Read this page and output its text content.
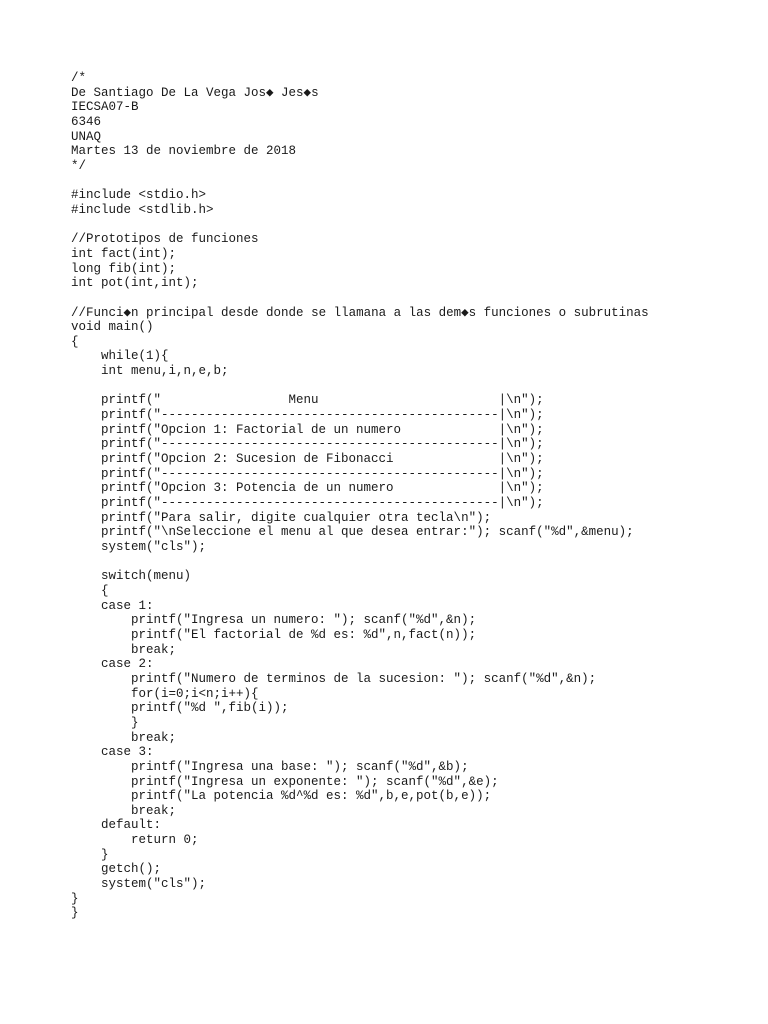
/*
De Santiago De La Vega Jos◆ Jes◆s
IECSA07-B
6346
UNAQ
Martes 13 de noviembre de 2018
*/
#include <stdio.h>
#include <stdlib.h>
//Prototipos de funciones
int fact(int);
long fib(int);
int pot(int,int);
//Funci◆n principal desde donde se llamana a las dem◆s funciones o subrutinas
void main()
{
while(1){
int menu,i,n,e,b;
printf("                 Menu                        |\n");
printf("---------------------------------------------|\n");
printf("Opcion 1: Factorial de un numero             |\n");
printf("---------------------------------------------|\n");
printf("Opcion 2: Sucesion de Fibonacci              |\n");
printf("---------------------------------------------|\n");
printf("Opcion 3: Potencia de un numero              |\n");
printf("---------------------------------------------|\n");
printf("Para salir, digite cualquier otra tecla\n");
printf("\nSeleccione el menu al que desea entrar:"); scanf("%d",&menu);
system("cls");
switch(menu)
{
case 1:
printf("Ingresa un numero: "); scanf("%d",&n);
printf("El factorial de %d es: %d",n,fact(n));
break;
case 2:
printf("Numero de terminos de la sucesion: "); scanf("%d",&n);
for(i=0;i<n;i++){
printf("%d ",fib(i));
}
break;
case 3:
printf("Ingresa una base: "); scanf("%d",&b);
printf("Ingresa un exponente: "); scanf("%d",&e);
printf("La potencia %d^%d es: %d",b,e,pot(b,e));
break;
default:
return 0;
}
getch();
system("cls");
}
}
